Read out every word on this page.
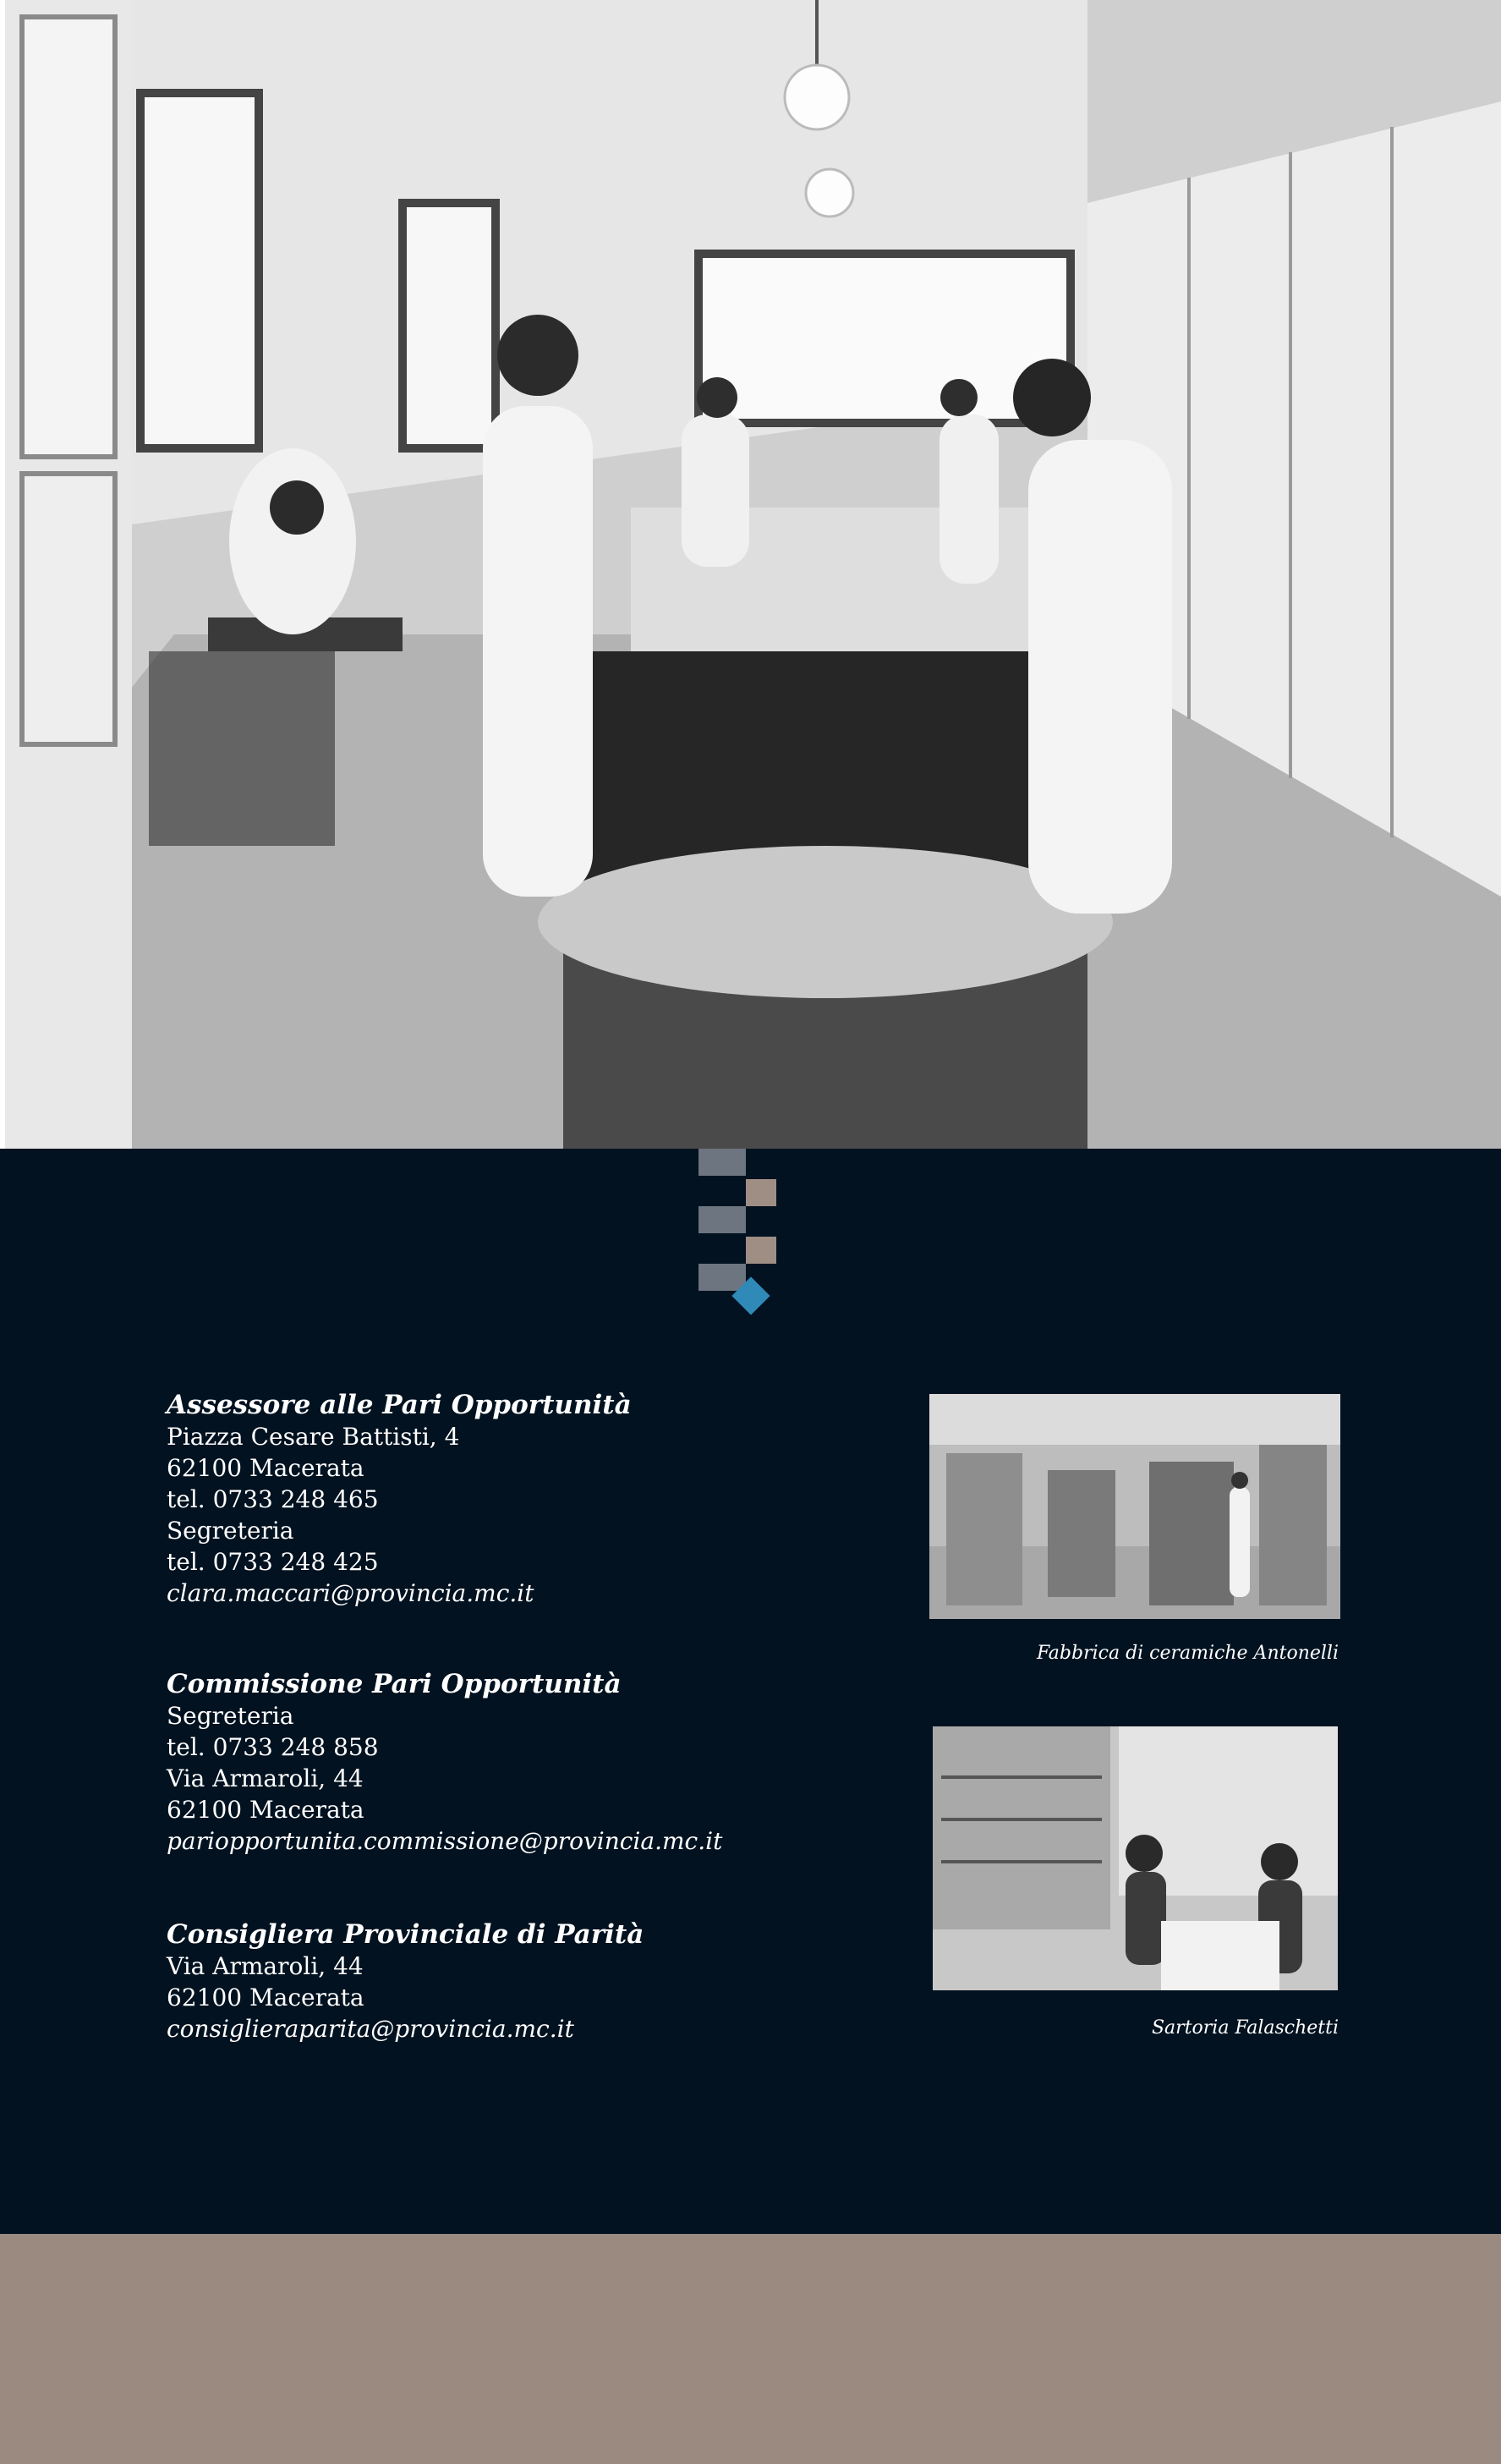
Assessore alle Pari Opportunità
Piazza Cesare Battisti, 4
62100 Macerata
tel. 0733 248 465
Segreteria
tel. 0733 248 425
clara.maccari@provincia.mc.it
Commissione Pari Opportunità
Segreteria
tel. 0733 248 858
Via Armaroli, 44
62100 Macerata
pariopportunita.commissione@provincia.mc.it
Consigliera Provinciale di Parità
Via Armaroli, 44
62100 Macerata
consiglieraparita@provincia.mc.it
Fabbrica di ceramiche Antonelli
Sartoria Falaschetti
